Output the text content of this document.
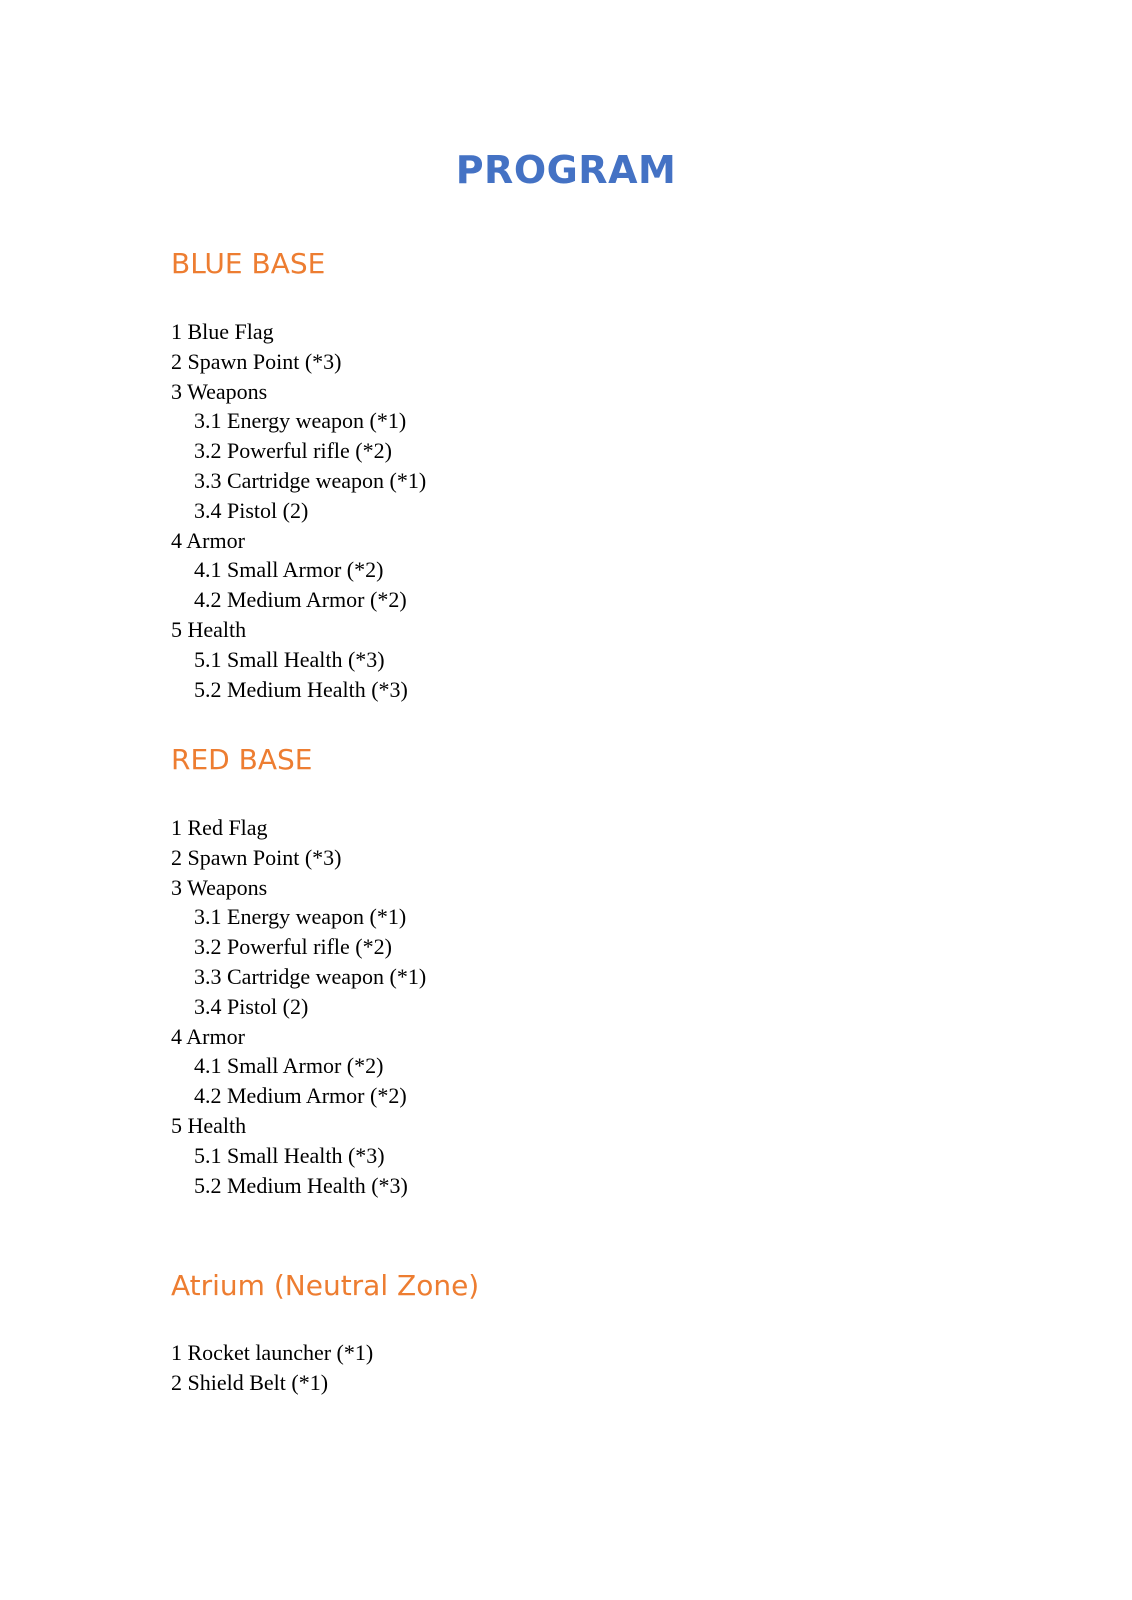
PROGRAM
BLUE BASE
1 Blue Flag
2 Spawn Point (*3)
3 Weapons
3.1 Energy weapon (*1)
3.2 Powerful rifle (*2)
3.3 Cartridge weapon (*1)
3.4 Pistol (2)
4 Armor
4.1 Small Armor (*2)
4.2 Medium Armor (*2)
5 Health
5.1 Small Health (*3)
5.2 Medium Health (*3)
RED BASE
1 Red Flag
2 Spawn Point (*3)
3 Weapons
3.1 Energy weapon (*1)
3.2 Powerful rifle (*2)
3.3 Cartridge weapon (*1)
3.4 Pistol (2)
4 Armor
4.1 Small Armor (*2)
4.2 Medium Armor (*2)
5 Health
5.1 Small Health (*3)
5.2 Medium Health (*3)
Atrium (Neutral Zone)
1 Rocket launcher (*1)
2 Shield Belt (*1)
